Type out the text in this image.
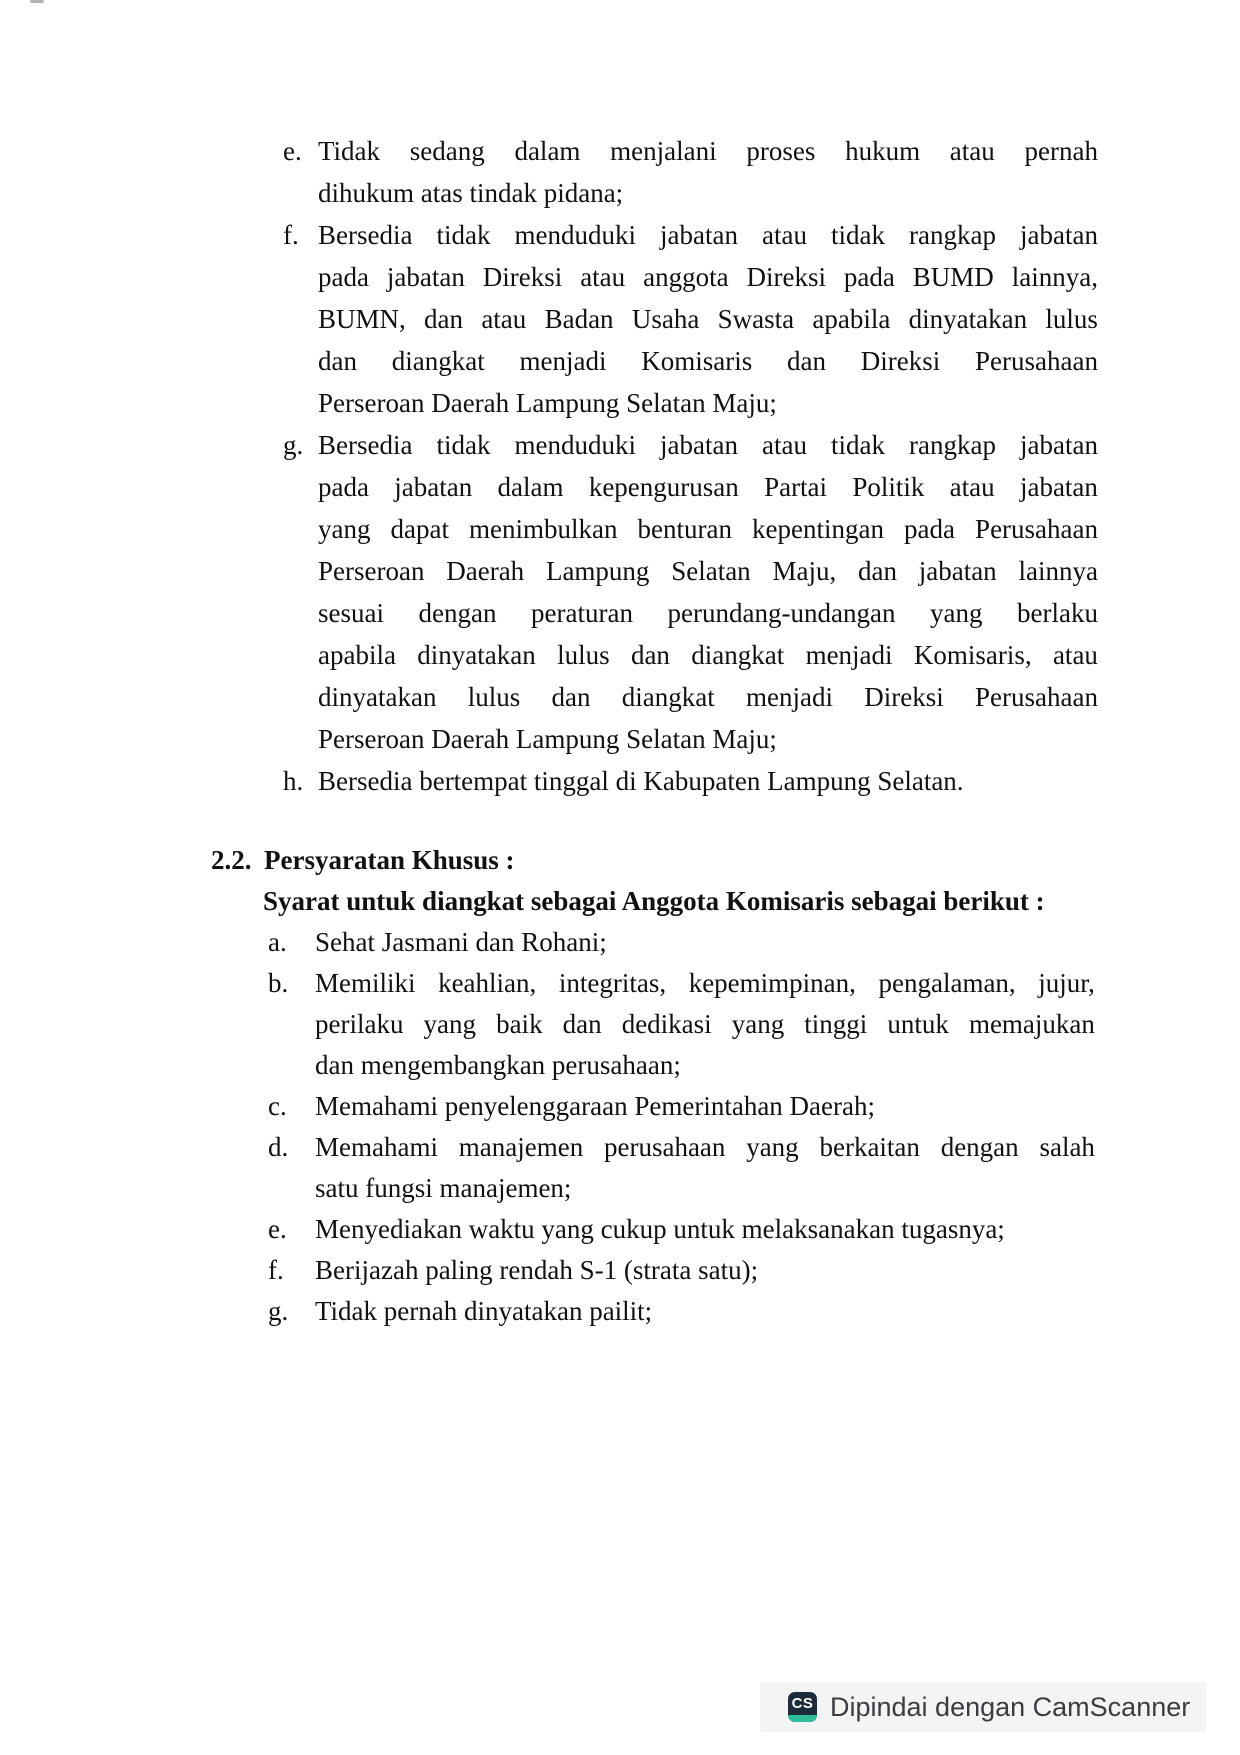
e. Tidak sedang dalam menjalani proses hukum atau pernah
dihukum atas tindak pidana;
f. Bersedia tidak menduduki jabatan atau tidak rangkap jabatan
pada jabatan Direksi atau anggota Direksi pada BUMD lainnya,
BUMN, dan atau Badan Usaha Swasta apabila dinyatakan lulus
dan diangkat menjadi Komisaris dan Direksi Perusahaan
Perseroan Daerah Lampung Selatan Maju;
g. Bersedia tidak menduduki jabatan atau tidak rangkap jabatan
pada jabatan dalam kepengurusan Partai Politik atau jabatan
yang dapat menimbulkan benturan kepentingan pada Perusahaan
Perseroan Daerah Lampung Selatan Maju, dan jabatan lainnya
sesuai dengan peraturan perundang-undangan yang berlaku
apabila dinyatakan lulus dan diangkat menjadi Komisaris, atau
dinyatakan lulus dan diangkat menjadi Direksi Perusahaan
Perseroan Daerah Lampung Selatan Maju;
h. Bersedia bertempat tinggal di Kabupaten Lampung Selatan.
2.2. Persyaratan Khusus :
Syarat untuk diangkat sebagai Anggota Komisaris sebagai berikut :
a.	Sehat Jasmani dan Rohani;
b. Memiliki keahlian, integritas, kepemimpinan, pengalaman, jujur,
perilaku yang baik dan dedikasi yang tinggi untuk memajukan
dan mengembangkan perusahaan;
c.	Memahami penyelenggaraan Pemerintahan Daerah;
d. Memahami manajemen perusahaan yang berkaitan dengan salah
satu fungsi manajemen;
e.	Menyediakan waktu yang cukup untuk melaksanakan tugasnya;
f.	Berijazah paling rendah S-1 (strata satu);
g. Tidak pernah dinyatakan pailit;
CS Dipindai dengan CamScanner
